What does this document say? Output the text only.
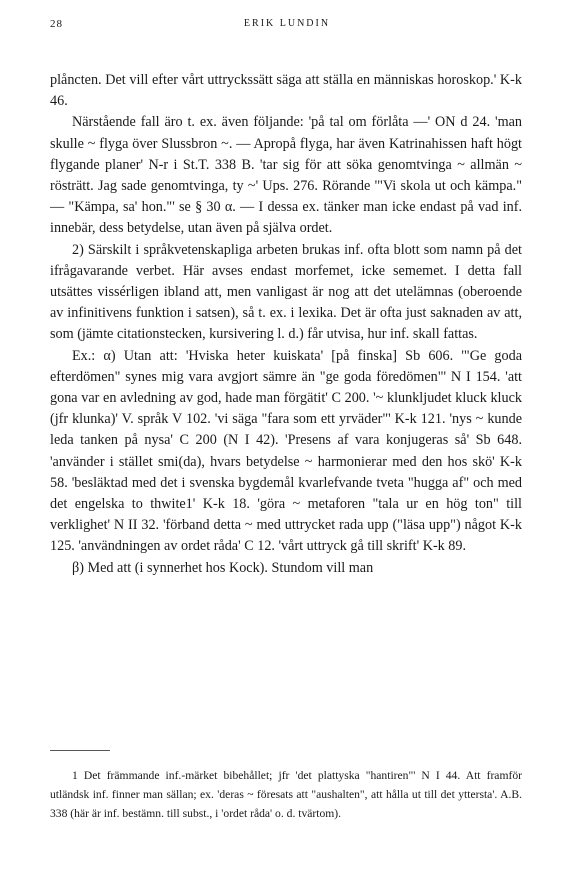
28	ERIK LUNDIN

plåncten. Det vill efter vårt uttryckssätt säga att ställa en människas horoskop.' K-k 46.

Närstående fall äro t. ex. även följande: 'på tal om förlåta —' ON d 24. 'man skulle ~ flyga över Slussbron ~. — Apropå flyga, har även Katrinahissen haft högt flygande planer' N-r i St.T. 338 B. 'tar sig för att söka genomtvinga ~ allmän ~ rösträtt. Jag sade genomtvinga, ty ~' Ups. 276. Rörande '"Vi skola ut och kämpa." — "Kämpa, sa' hon."' se § 30 α. — I dessa ex. tänker man icke endast på vad inf. innebär, dess betydelse, utan även på själva ordet.

2) Särskilt i språkvetenskapliga arbeten brukas inf. ofta blott som namn på det ifrågavarande verbet. Här avses endast morfemet, icke sememet. I detta fall utsättes vissérligen ibland att, men vanligast är nog att det utelämnas (oberoende av infinitivens funktion i satsen), så t. ex. i lexika. Det är ofta just saknaden av att, som (jämte citationstecken, kursivering l. d.) får utvisa, hur inf. skall fattas.

Ex.: α) Utan att: 'Hviska heter kuiskata' [på finska] Sb 606. '"Ge goda efterdömen" synes mig vara avgjort sämre än "ge goda föredömen"' N I 154. 'att gona var en avledning av god, hade man förgätit' C 200. '~ klunkljudet kluck kluck (jfr klunka)' V. språk V 102. 'vi säga "fara som ett yrväder"' K-k 121. 'nys ~ kunde leda tanken på nysa' C 200 (N I 42). 'Presens af vara konjugeras så' Sb 648. 'använder i stället smi(da), hvars betydelse ~ harmonierar med den hos skö' K-k 58. 'besläktad med det i svenska bygdemål kvarlefvande tveta "hugga af" och med det engelska to thwite1' K-k 18. 'göra ~ metaforen "tala ur en hög ton" till verklighet' N II 32. 'förband detta ~ med uttrycket rada upp ("läsa upp") något K-k 125. 'användningen av ordet råda' C 12. 'vårt uttryck gå till skrift' K-k 89.

β) Med att (i synnerhet hos Kock). Stundom vill man

1 Det främmande inf.-märket bibehållet; jfr 'det plattyska "hantiren"' N I 44. Att framför utländsk inf. finner man sällan; ex. 'deras ~ föresats att "aushalten", att hålla ut till det yttersta'. A.B. 338 (här är inf. bestämn. till subst., i 'ordet råda' o. d. tvärtom).
